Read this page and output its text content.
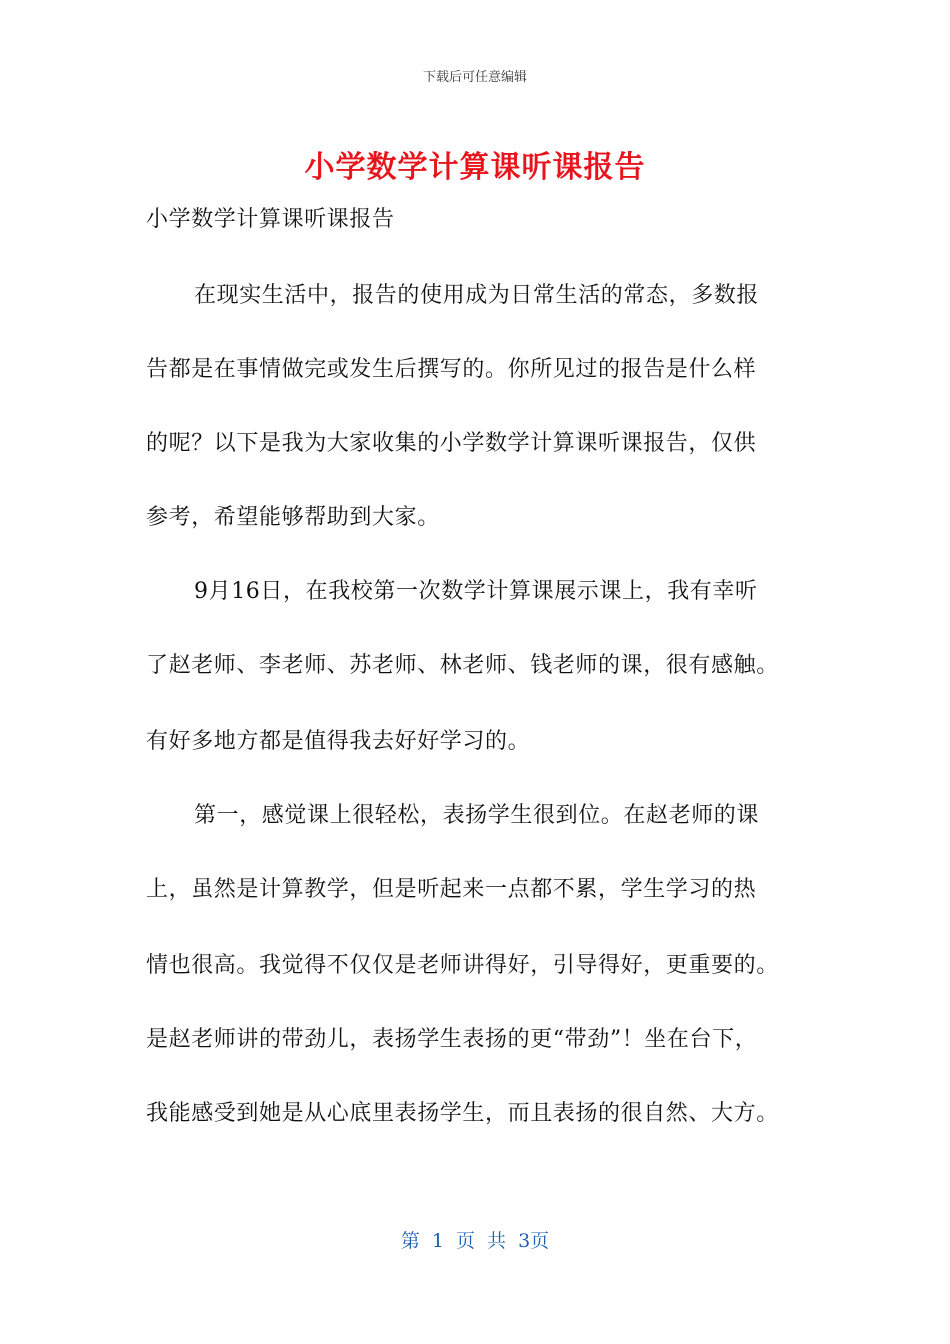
下载后可任意编辑
小学数学计算课听课报告
小学数学计算课听课报告
在现实生活中，报告的使用成为日常生活的常态，多数报
告都是在事情做完或发生后撰写的。你所见过的报告是什么样
的呢？以下是我为大家收集的小学数学计算课听课报告，仅供
参考，希望能够帮助到大家。
9月16日，在我校第一次数学计算课展示课上，我有幸听
了赵老师、李老师、苏老师、林老师、钱老师的课，很有感触。
有好多地方都是值得我去好好学习的。
第一，感觉课上很轻松，表扬学生很到位。在赵老师的课
上，虽然是计算教学，但是听起来一点都不累，学生学习的热
情也很高。我觉得不仅仅是老师讲得好，引导得好，更重要的。
是赵老师讲的带劲儿，表扬学生表扬的更“带劲”！坐在台下，
我能感受到她是从心底里表扬学生，而且表扬的很自然、大方。
第 1 页 共 3页
